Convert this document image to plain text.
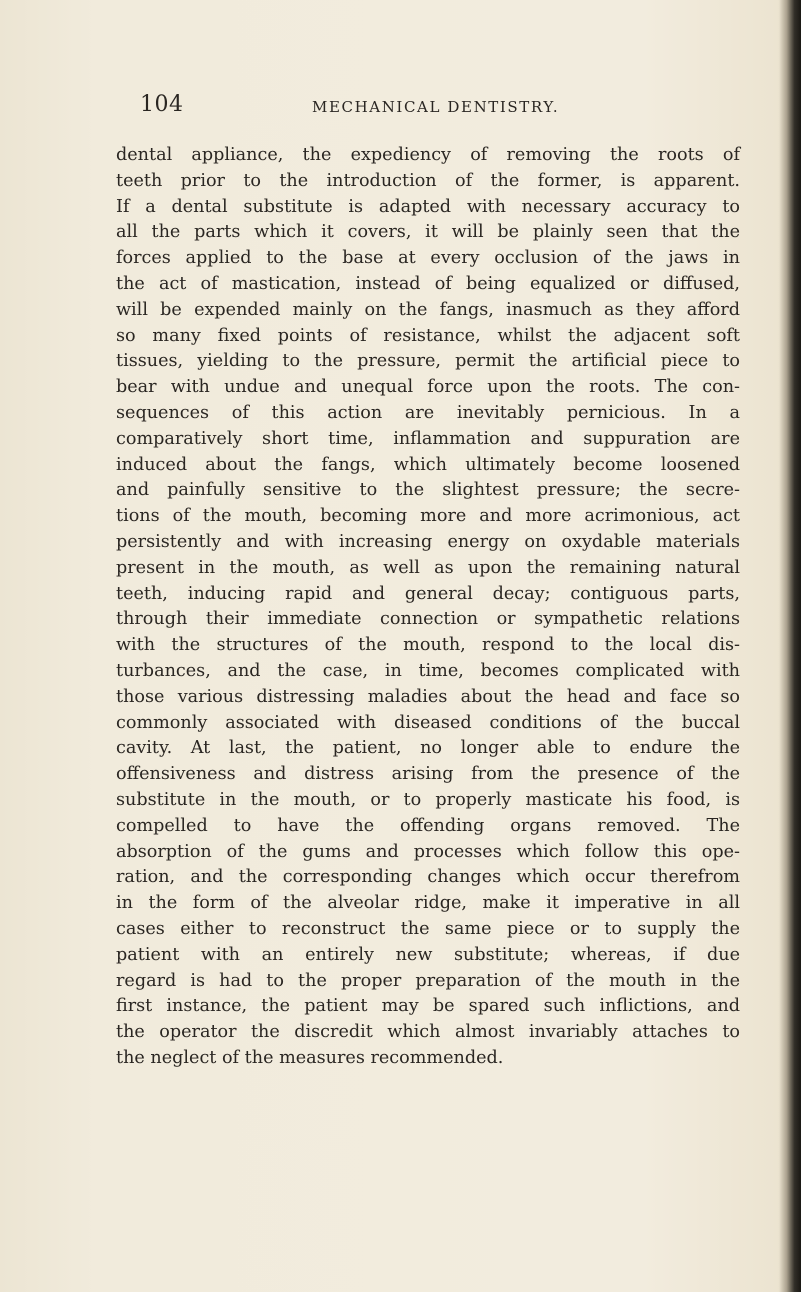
104	MECHANICAL DENTISTRY.
dental appliance, the expediency of removing the roots of
teeth prior to the introduction of the former, is apparent.
If a dental substitute is adapted with necessary accuracy to
all the parts which it covers, it will be plainly seen that the
forces applied to the base at every occlusion of the jaws in
the act of mastication, instead of being equalized or diffused,
will be expended mainly on the fangs, inasmuch as they afford
so many fixed points of resistance, whilst the adjacent soft
tissues, yielding to the pressure, permit the artificial piece to
bear with undue and unequal force upon the roots. The con-
sequences of this action are inevitably pernicious. In a
comparatively short time, inflammation and suppuration are
induced about the fangs, which ultimately become loosened
and painfully sensitive to the slightest pressure; the secre-
tions of the mouth, becoming more and more acrimonious, act
persistently and with increasing energy on oxydable materials
present in the mouth, as well as upon the remaining natural
teeth, inducing rapid and general decay; contiguous parts,
through their immediate connection or sympathetic relations
with the structures of the mouth, respond to the local dis-
turbances, and the case, in time, becomes complicated with
those various distressing maladies about the head and face so
commonly associated with diseased conditions of the buccal
cavity. At last, the patient, no longer able to endure the
offensiveness and distress arising from the presence of the
substitute in the mouth, or to properly masticate his food, is
compelled to have the offending organs removed. The
absorption of the gums and processes which follow this ope-
ration, and the corresponding changes which occur therefrom
in the form of the alveolar ridge, make it imperative in all
cases either to reconstruct the same piece or to supply the
patient with an entirely new substitute; whereas, if due
regard is had to the proper preparation of the mouth in the
first instance, the patient may be spared such inflictions, and
the operator the discredit which almost invariably attaches to
the neglect of the measures recommended.
